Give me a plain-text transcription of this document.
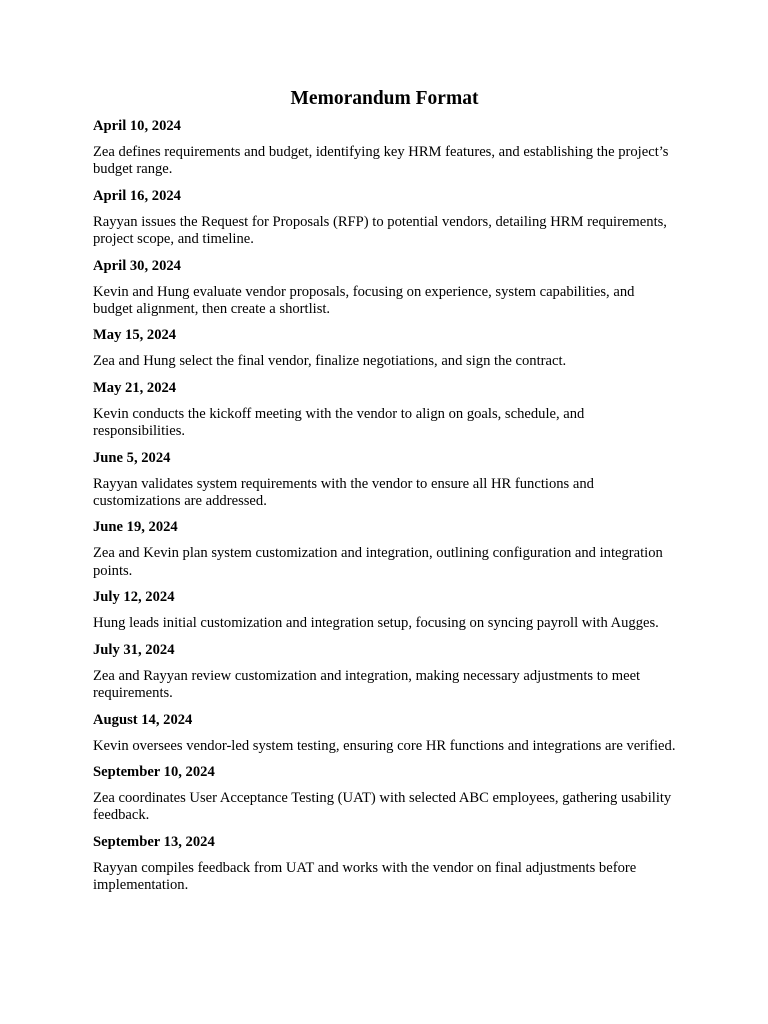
Memorandum Format

April 10, 2024

Zea defines requirements and budget, identifying key HRM features, and establishing the project’s budget range.

April 16, 2024

Rayyan issues the Request for Proposals (RFP) to potential vendors, detailing HRM requirements, project scope, and timeline.

April 30, 2024

Kevin and Hung evaluate vendor proposals, focusing on experience, system capabilities, and budget alignment, then create a shortlist.

May 15, 2024

Zea and Hung select the final vendor, finalize negotiations, and sign the contract.

May 21, 2024

Kevin conducts the kickoff meeting with the vendor to align on goals, schedule, and responsibilities.

June 5, 2024

Rayyan validates system requirements with the vendor to ensure all HR functions and customizations are addressed.

June 19, 2024

Zea and Kevin plan system customization and integration, outlining configuration and integration points.

July 12, 2024

Hung leads initial customization and integration setup, focusing on syncing payroll with Augges.

July 31, 2024

Zea and Rayyan review customization and integration, making necessary adjustments to meet requirements.

August 14, 2024

Kevin oversees vendor-led system testing, ensuring core HR functions and integrations are verified.

September 10, 2024

Zea coordinates User Acceptance Testing (UAT) with selected ABC employees, gathering usability feedback.

September 13, 2024

Rayyan compiles feedback from UAT and works with the vendor on final adjustments before implementation.
